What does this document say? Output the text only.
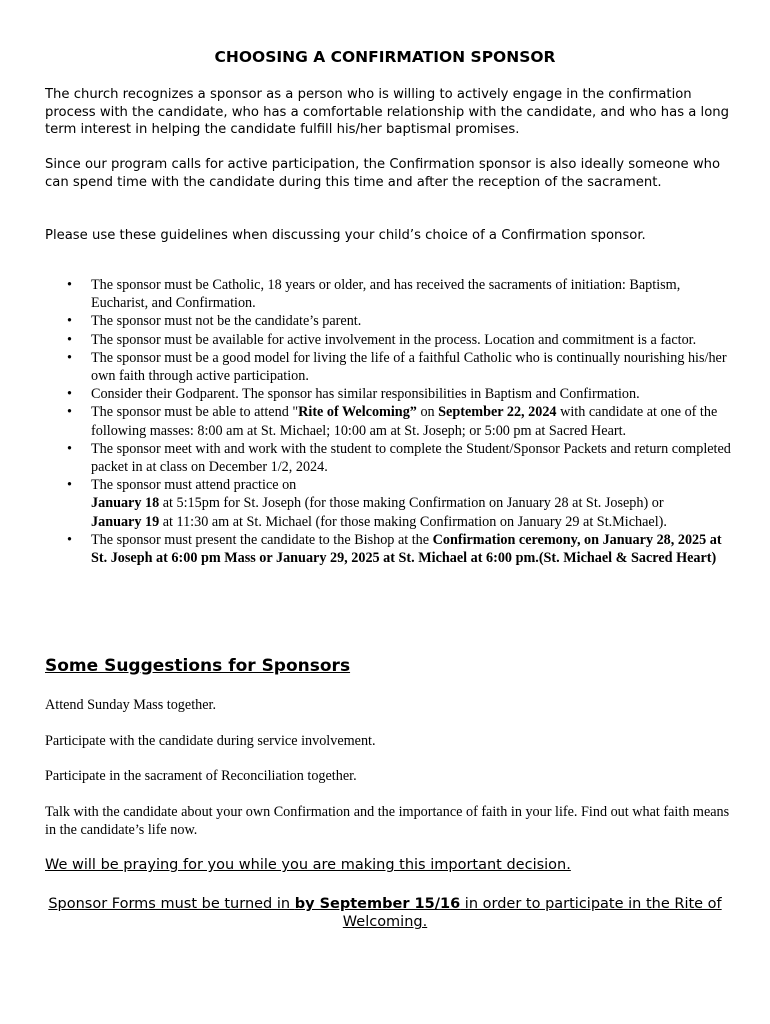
CHOOSING A CONFIRMATION SPONSOR

The church recognizes a sponsor as a person who is willing to actively engage in the confirmation process with the candidate, who has a comfortable relationship with the candidate, and who has a long term interest in helping the candidate fulfill his/her baptismal promises.

Since our program calls for active participation, the Confirmation sponsor is also ideally someone who can spend time with the candidate during this time and after the reception of the sacrament.

Please use these guidelines when discussing your child’s choice of a Confirmation sponsor.

• The sponsor must be Catholic, 18 years or older, and has received the sacraments of initiation: Baptism, Eucharist, and Confirmation.
• The sponsor must not be the candidate’s parent.
• The sponsor must be available for active involvement in the process. Location and commitment is a factor.
• The sponsor must be a good model for living the life of a faithful Catholic who is continually nourishing his/her own faith through active participation.
• Consider their Godparent. The sponsor has similar responsibilities in Baptism and Confirmation.
• The sponsor must be able to attend "Rite of Welcoming” on September 22, 2024 with candidate at one of the following masses: 8:00 am at St. Michael; 10:00 am at St. Joseph; or 5:00 pm at Sacred Heart.
• The sponsor meet with and work with the student to complete the Student/Sponsor Packets and return completed packet in at class on December 1/2, 2024.
• The sponsor must attend practice on
January 18 at 5:15pm for St. Joseph (for those making Confirmation on January 28 at St. Joseph) or
January 19 at 11:30 am at St. Michael (for those making Confirmation on January 29 at St.Michael).
• The sponsor must present the candidate to the Bishop at the Confirmation ceremony, on January 28, 2025 at St. Joseph at 6:00 pm Mass or January 29, 2025 at St. Michael at 6:00 pm.(St. Michael & Sacred Heart)
Some Suggestions for Sponsors

Attend Sunday Mass together.

Participate with the candidate during service involvement.

Participate in the sacrament of Reconciliation together.

Talk with the candidate about your own Confirmation and the importance of faith in your life. Find out what faith means in the candidate’s life now.

We will be praying for you while you are making this important decision.

Sponsor Forms must be turned in by September 15/16 in order to participate in the Rite of Welcoming.
